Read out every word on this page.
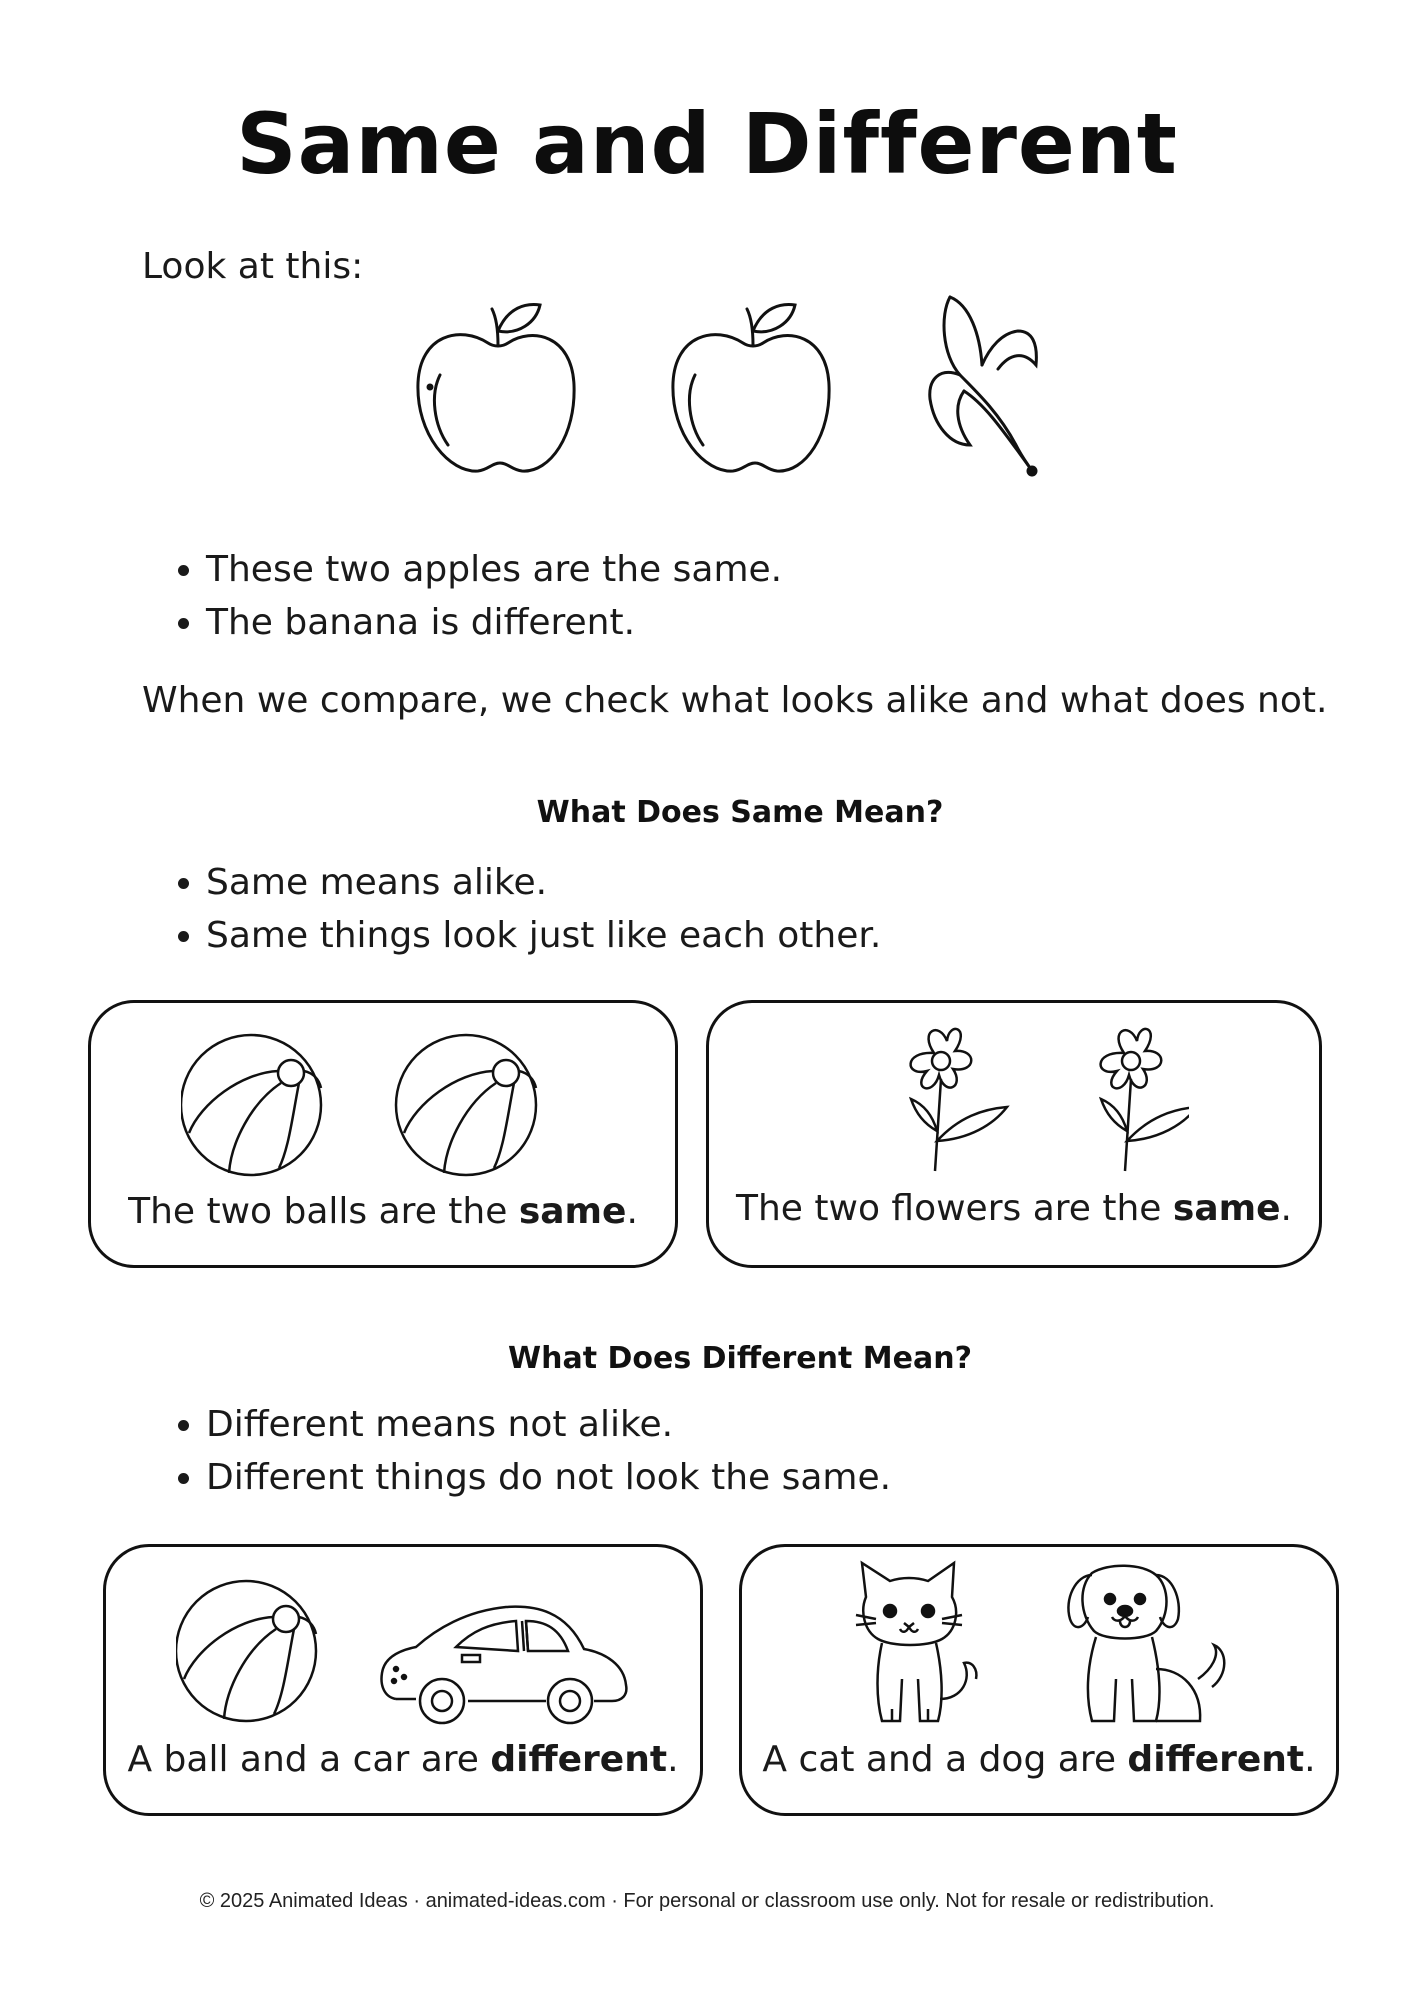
Same and Different
Look at this:
• These two apples are the same.
• The banana is different.
When we compare, we check what looks alike and what does not.
What Does Same Mean?
• Same means alike.
• Same things look just like each other.
The two balls are the same.	The two flowers are the same.
What Does Different Mean?
• Different means not alike.
• Different things do not look the same.
A ball and a car are different.	A cat and a dog are different.
© 2025 Animated Ideas · animated-ideas.com · For personal or classroom use only. Not for resale or redistribution.
